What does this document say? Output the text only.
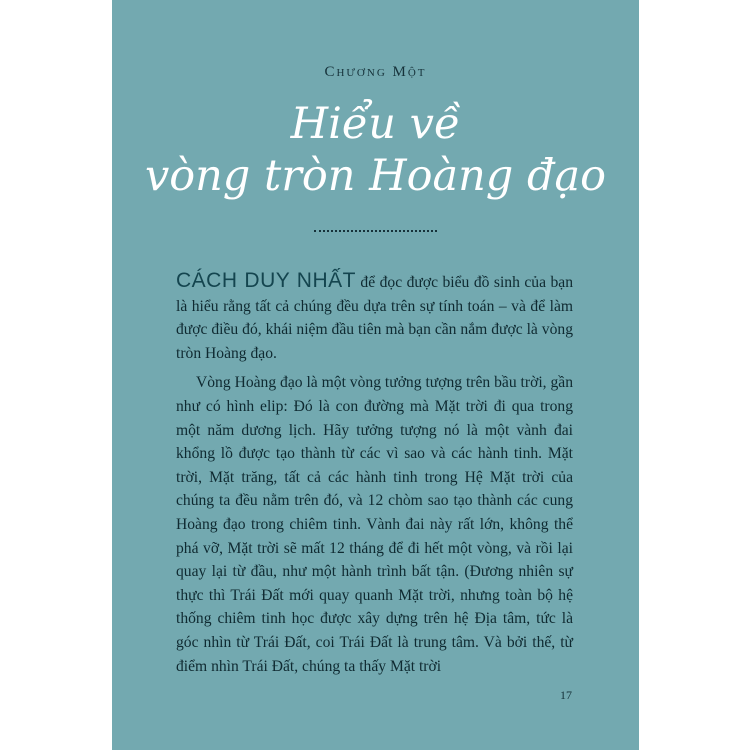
Chương Một
Hiểu về
vòng tròn Hoàng đạo

CÁCH DUY NHẤT để đọc được biểu đồ sinh của bạn là hiểu rằng tất cả chúng đều dựa trên sự tính toán – và để làm được điều đó, khái niệm đầu tiên mà bạn cần nắm được là vòng tròn Hoàng đạo.

Vòng Hoàng đạo là một vòng tưởng tượng trên bầu trời, gần như có hình elip: Đó là con đường mà Mặt trời đi qua trong một năm dương lịch. Hãy tưởng tượng nó là một vành đai khổng lồ được tạo thành từ các vì sao và các hành tinh. Mặt trời, Mặt trăng, tất cả các hành tinh trong Hệ Mặt trời của chúng ta đều nằm trên đó, và 12 chòm sao tạo thành các cung Hoàng đạo trong chiêm tinh. Vành đai này rất lớn, không thể phá vỡ, Mặt trời sẽ mất 12 tháng để đi hết một vòng, và rồi lại quay lại từ đầu, như một hành trình bất tận. (Đương nhiên sự thực thì Trái Đất mới quay quanh Mặt trời, nhưng toàn bộ hệ thống chiêm tinh học được xây dựng trên hệ Địa tâm, tức là góc nhìn từ Trái Đất, coi Trái Đất là trung tâm. Và bởi thế, từ điểm nhìn Trái Đất, chúng ta thấy Mặt trời

17
